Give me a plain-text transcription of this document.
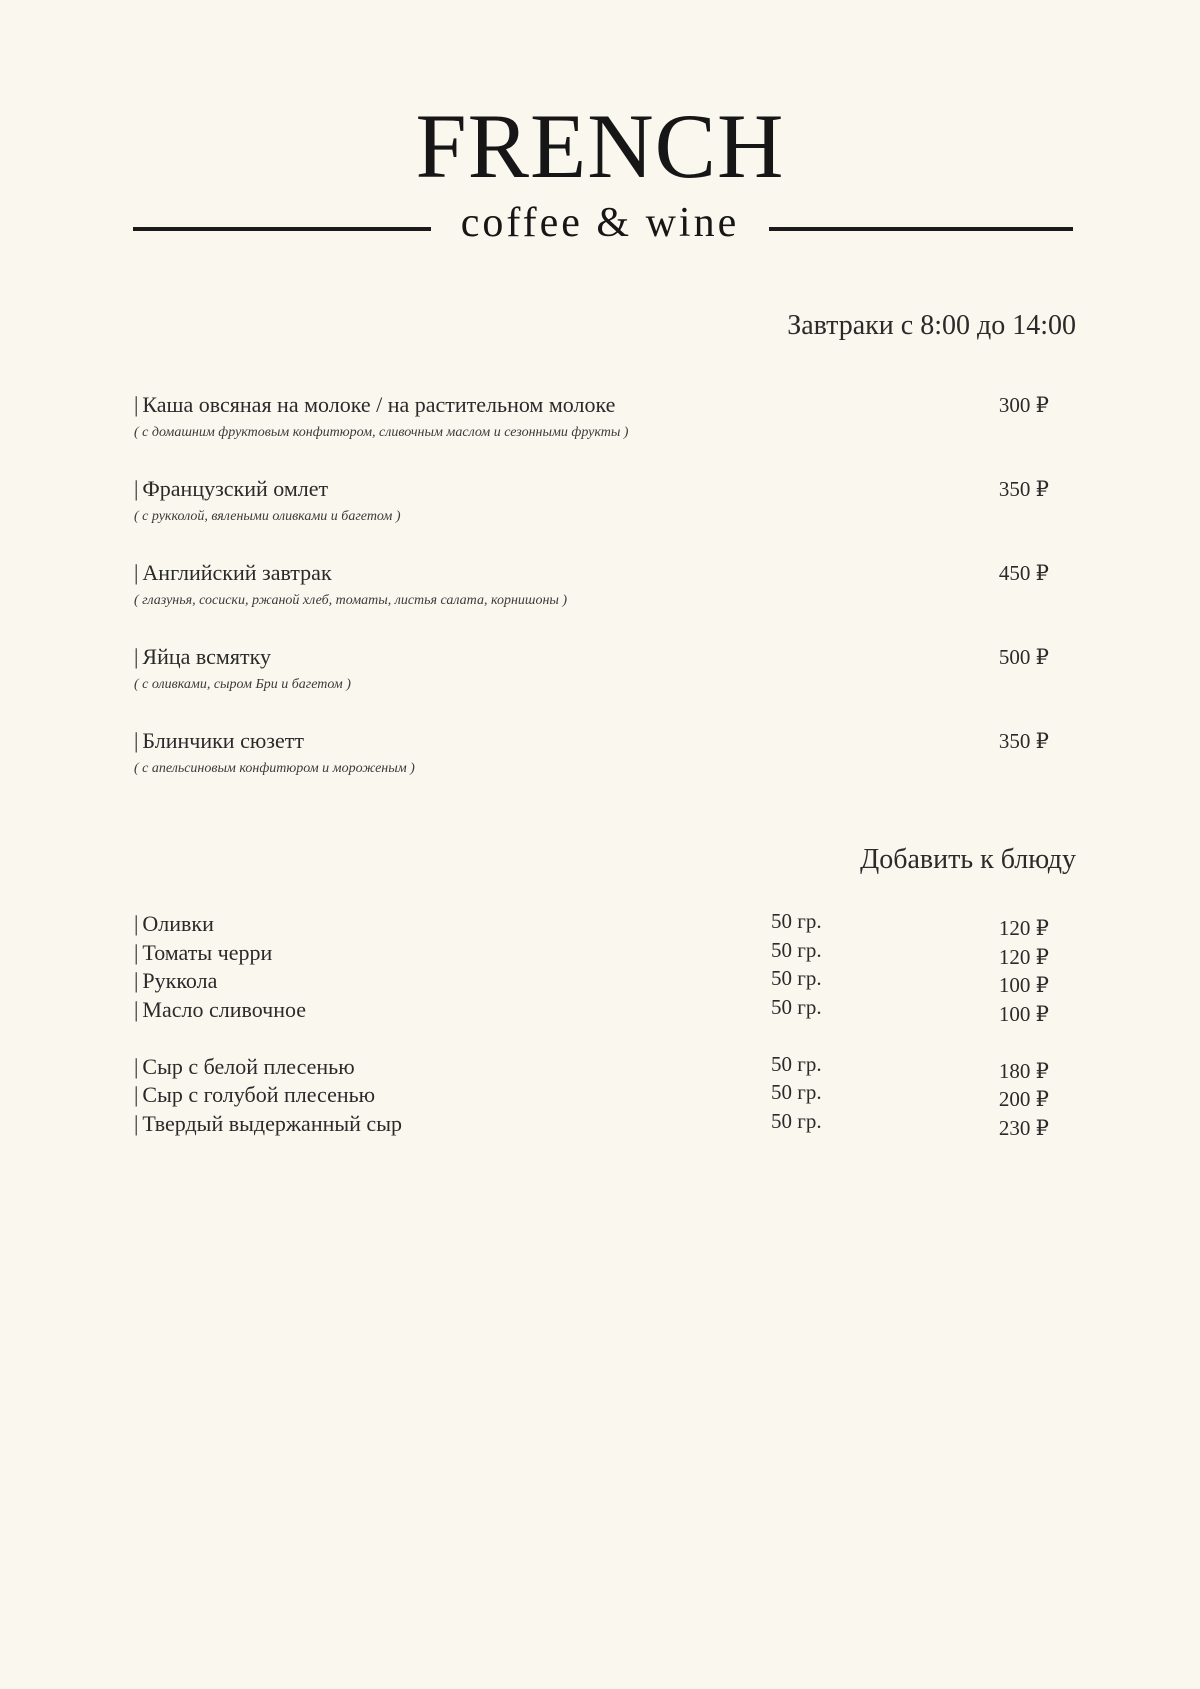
FRENCH
coffee & wine
Завтраки с 8:00 до 14:00
| Каша овсяная на молоке / на растительном молоке
( с домашним фруктовым конфитюром, сливочным маслом и сезонными фрукты )
300 ₽
| Французский омлет
( с рукколой, вялеными оливками и багетом )
350 ₽
| Английский завтрак
( глазунья, сосиски, ржаной хлеб, томаты, листья салата, корнишоны )
450 ₽
| Яйца всмятку
( с оливками, сыром Бри и багетом )
500 ₽
| Блинчики сюзетт
( с апельсиновым конфитюром и мороженым )
350 ₽
Добавить к блюду
| Оливки	50 гр.	120 ₽
| Томаты черри	50 гр.	120 ₽
| Руккола	50 гр.	100 ₽
| Масло сливочное	50 гр.	100 ₽
| Сыр с белой плесенью	50 гр.	180 ₽
| Сыр с голубой плесенью	50 гр.	200 ₽
| Твердый выдержанный сыр	50 гр.	230 ₽
